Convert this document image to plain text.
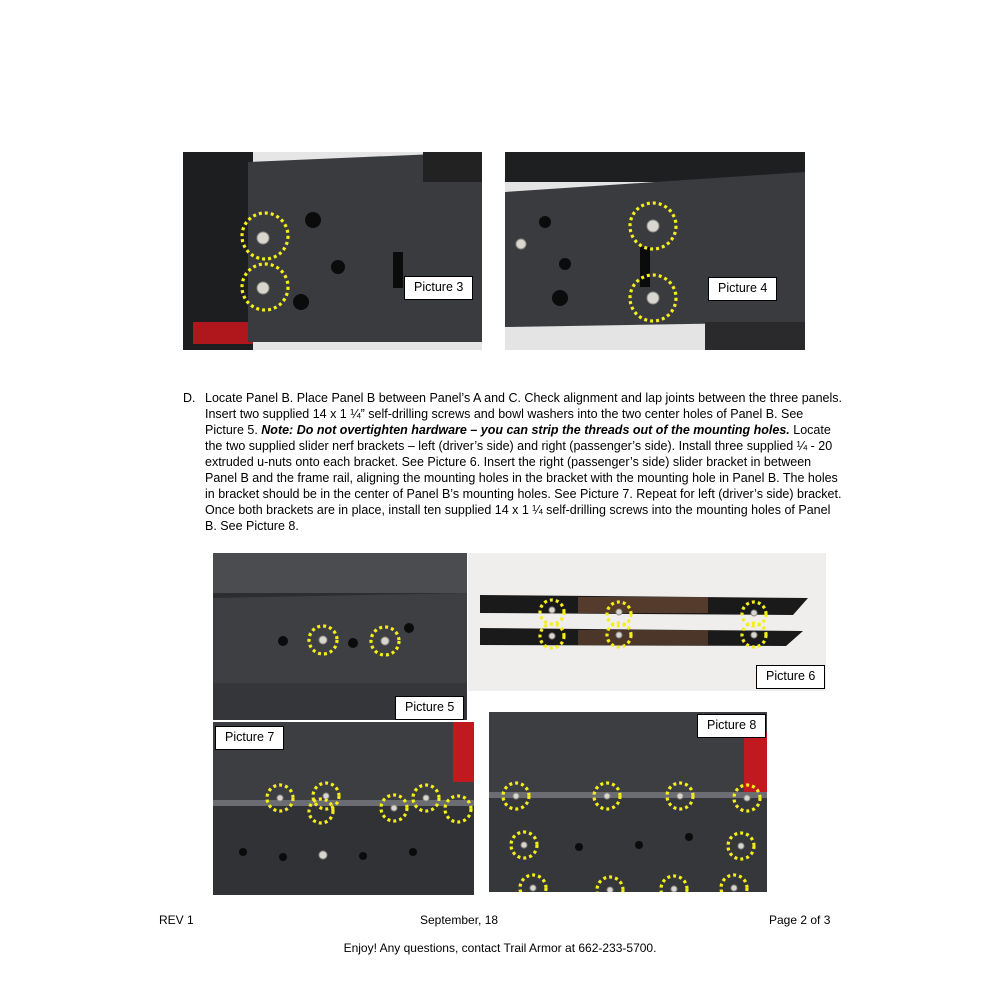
Picture 3	Picture 4
D. Locate Panel B. Place Panel B between Panel’s A and C. Check alignment and lap joints between the three panels. Insert two supplied 14 x 1 ¼” self-drilling screws and bowl washers into the two center holes of Panel B. See Picture 5. Note: Do not overtighten hardware – you can strip the threads out of the mounting holes. Locate the two supplied slider nerf brackets – left (driver’s side) and right (passenger’s side). Install three supplied ¼ - 20 extruded u-nuts onto each bracket. See Picture 6. Insert the right (passenger’s side) slider bracket in between Panel B and the frame rail, aligning the mounting holes in the bracket with the mounting hole in Panel B. The holes in bracket should be in the center of Panel B’s mounting holes. See Picture 7. Repeat for left (driver’s side) bracket. Once both brackets are in place, install ten supplied 14 x 1 ¼ self-drilling screws into the mounting holes of Panel B. See Picture 8.
Picture 5
Picture 6
Picture 7
Picture 8
REV 1	September, 18	Page 2 of 3
Enjoy! Any questions, contact Trail Armor at 662-233-5700.
